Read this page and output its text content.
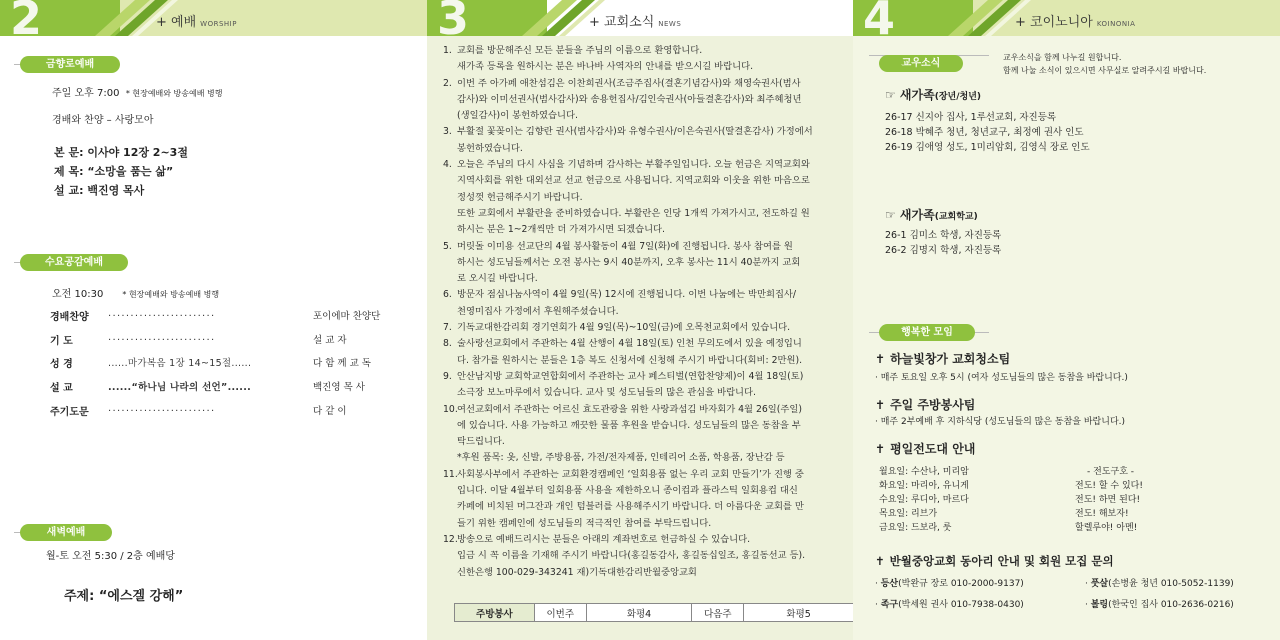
2	+ 예배 WORSHIP
금향로예배
주일 오후 7:00 * 현장예배와 방송예배 병행
경배와 찬양 – 사랑모아
본 문: 이사야 12장 2~3절
제 목: “소망을 품는 삶”
설 교: 백진영 목사
수요공감예배
오전 10:30 * 현장예배와 방송예배 병행
경배찬양 ........................	포이에마 찬양단
기 도	........................	설 교 자
성 경	......마가복음 1장 14~15절......	다 함 께 교 독
설 교	......“하나님 나라의 선언”......	백진영 목 사
주기도문 ........................	다 같 이
새벽예배
월-토 오전 5:30 / 2층 예배당
주제: “에스겔 강해”
3	+ 교회소식 NEWS
1. 교회를 방문해주신 모든 분들을 주님의 이름으로 환영합니다.
새가족 등록을 원하시는 분은 바나바 사역자의 안내를 받으시길 바랍니다.
2. 이번 주 아가페 애찬섬김은 이찬희권사(조금주집사(결혼기념감사)와 채영숙권사(범사
감사)와 이미선권사(범사감사)와 송용헌집사/김인숙권사(아들결혼감사)와 최주혜청년
(생일감사)이 봉헌하였습니다.
3. 부활절 꽃꽂이는 김향란 권사(범사감사)와 유형수권사/이은숙권사(딸결혼감사) 가정에서
봉헌하였습니다.
4. 오늘은 주님의 다시 사심을 기념하며 감사하는 부활주일입니다. 오늘 헌금은 지역교회와
지역사회를 위한 대외선교 선교 헌금으로 사용됩니다. 지역교회와 이웃을 위한 마음으로
정성껏 헌금해주시기 바랍니다.
또한 교회에서 부활란을 준비하였습니다. 부활란은 인당 1개씩 가져가시고, 전도하길 원
하시는 분은 1~2개씩만 더 가져가시면 되겠습니다.
5. 머릿돌 이미용 선교단의 4월 봉사활동이 4월 7일(화)에 진행됩니다. 봉사 참여를 원
하시는 성도님들께서는 오전 봉사는 9시 40분까지, 오후 봉사는 11시 40분까지 교회
로 오시길 바랍니다.
6. 방문자 점심나눔사역이 4월 9일(목) 12시에 진행됩니다. 이번 나눔에는 박만희집사/
천영미집사 가정에서 후원해주셨습니다.
7. 기독교대한감리회 경기연회가 4월 9일(목)~10일(금)에 오목천교회에서 있습니다.
8. 술사랑선교회에서 주관하는 4월 산행이 4월 18일(토) 인천 무의도에서 있을 예정입니
다. 참가를 원하시는 분들은 1층 복도 신청서에 신청해 주시기 바랍니다(회비: 2만원).
9. 안산남지방 교회학교연합회에서 주관하는 교사 페스티벌(연합찬양제)이 4월 18일(토)
소극장 보노마루에서 있습니다. 교사 및 성도님들의 많은 관심을 바랍니다.
10. 여선교회에서 주관하는 어르신 효도관광을 위한 사랑과섬김 바자회가 4월 26일(주일)
에 있습니다. 사용 가능하고 깨끗한 물품 후원을 받습니다. 성도님들의 많은 동참을 부
탁드립니다.
*후원 품목: 옷, 신발, 주방용품, 가전/전자제품, 인테리어 소품, 학용품, 장난감 등
11. 사회봉사부에서 주관하는 교회환경캠페인 ‘일회용품 없는 우리 교회 만들기’가 진행 중
입니다. 이달 4월부터 일회용품 사용을 제한하오니 종이컵과 플라스틱 일회용컵 대신
카페에 비치된 머그잔과 개인 텀블러를 사용해주시기 바랍니다. 더 아름다운 교회를 만
들기 위한 캠페인에 성도님들의 적극적인 참여를 부탁드립니다.
12. 방송으로 예배드리시는 분들은 아래의 계좌번호로 헌금하실 수 있습니다.
입금 시 꼭 이름을 기재해 주시기 바랍니다(홍길동감사, 홍길동십일조, 홍길동선교 등).
신한은행 100-029-343241 재)기독대한감리반월중앙교회
주방봉사	이번주	화평4	다음주	화평5
4	+ 코이노니아 KOINONIA
교우소식
교우소식을 함께 나누길 원합니다.
함께 나눌 소식이 있으시면 사무실로 알려주시길 바랍니다.
☞ 새가족(장년/청년)
26-17 신지아 집사, 1루선교회, 자진등록
26-18 박혜주 청년, 청년교구, 최정예 권사 인도
26-19 김애영 성도, 1미리암회, 김영식 장로 인도
☞ 새가족(교회학교)
26-1 김미소 학생, 자진등록
26-2 김명지 학생, 자진등록
행복한 모임
✝ 하늘빛창가 교회청소팀
· 매주 토요일 오후 5시 (여자 성도님들의 많은 동참을 바랍니다.)
✝ 주일 주방봉사팀
· 매주 2부예배 후 지하식당 (성도님들의 많은 동참을 바랍니다.)
✝ 평일전도대 안내
월요일: 수산나, 미리암
화요일: 마리아, 유니게
수요일: 루디아, 마르다
목요일: 리브가
금요일: 드보라, 룻
- 전도구호 -
전도! 할 수 있다!
전도! 하면 된다!
전도! 해보자!
할렐루야! 아멘!
✝ 반월중앙교회 동아리 안내 및 회원 모집 문의
· 등산(박완규 장로 010-2000-9137)	· 풋살(손병윤 청년 010-5052-1139)
· 족구(박세원 권사 010-7938-0430)	· 볼링(한국인 집사 010-2636-0216)
